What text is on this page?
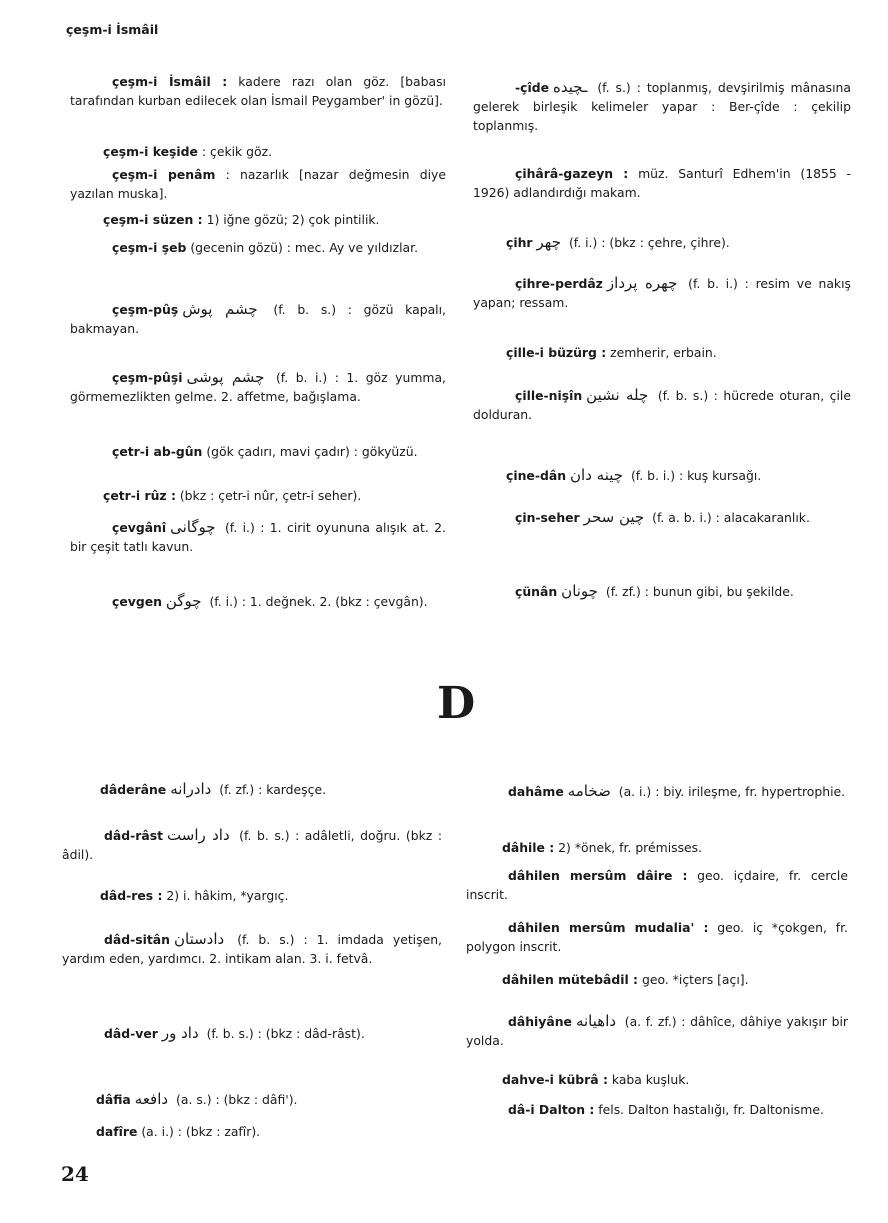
çeşm-i İsmâil
çeşm-i İsmâil : kadere razı olan göz. [babası tarafından kurban edilecek olan İsmail Peygamber' in gözü].
çeşm-i keşide : çekik göz.
çeşm-i penâm : nazarlık [nazar değmesin diye yazılan muska].
çeşm-i süzen : 1) iğne gözü; 2) çok pintilik.
çeşm-i şeb (gecenin gözü) : mec. Ay ve yıldızlar.
çeşm-pûş چشم پوش (f. b. s.) : gözü kapalı, bakmayan.
çeşm-pûşi چشم پوشی (f. b. i.) : 1. göz yumma, görmemezlikten gelme. 2. affetme, bağışlama.
çetr-i ab-gûn (gök çadırı, mavi çadır) : gökyüzü.
çetr-i rûz : (bkz : çetr-i nûr, çetr-i seher).
çevgânî چوگانی (f. i.) : 1. cirit oyununa alışık at. 2. bir çeşit tatlı kavun.
çevgen چوگن (f. i.) : 1. değnek. 2. (bkz : çevgân).
-çîde ـچیده (f. s.) : toplanmış, devşirilmiş mânasına gelerek birleşik kelimeler yapar : Ber-çîde : çekilip toplanmış.
çihârâ-gazeyn : müz. Santurî Edhem'in (1855 - 1926) adlandırdığı makam.
çihr چهر (f. i.) : (bkz : çehre, çihre).
çihre-perdâz چهره پرداز (f. b. i.) : resim ve nakış yapan; ressam.
çille-i büzürg : zemherir, erbain.
çille-nişîn چله نشین (f. b. s.) : hücrede oturan, çile dolduran.
çine-dân چینه دان (f. b. i.) : kuş kursağı.
çin-seher چین سحر (f. a. b. i.) : alacakaranlık.
çünân چونان (f. zf.) : bunun gibi, bu şekilde.
D
dâderâne دادرانه (f. zf.) : kardeşçe.
dâd-râst داد راست (f. b. s.) : adâletli, doğru. (bkz : âdil).
dâd-res : 2) i. hâkim, *yargıç.
dâd-sitân دادستان (f. b. s.) : 1. imdada yetişen, yardım eden, yardımcı. 2. intikam alan. 3. i. fetvâ.
dâd-ver داد ور (f. b. s.) : (bkz : dâd-râst).
dâfia دافعه (a. s.) : (bkz : dâfi').
dafîre (a. i.) : (bkz : zafîr).
dahâme ضخامه (a. i.) : biy. irileşme, fr. hypertrophie.
dâhile : 2) *önek, fr. prémisses.
dâhilen mersûm dâire : geo. içdaire, fr. cercle inscrit.
dâhilen mersûm mudalia' : geo. iç *çokgen, fr. polygon inscrit.
dâhilen mütebâdil : geo. *içters [açı].
dâhiyâne داهیانه (a. f. zf.) : dâhîce, dâhiye yakışır bir yolda.
dahve-i kübrâ : kaba kuşluk.
dâ-i Dalton : fels. Dalton hastalığı, fr. Daltonisme.
24
